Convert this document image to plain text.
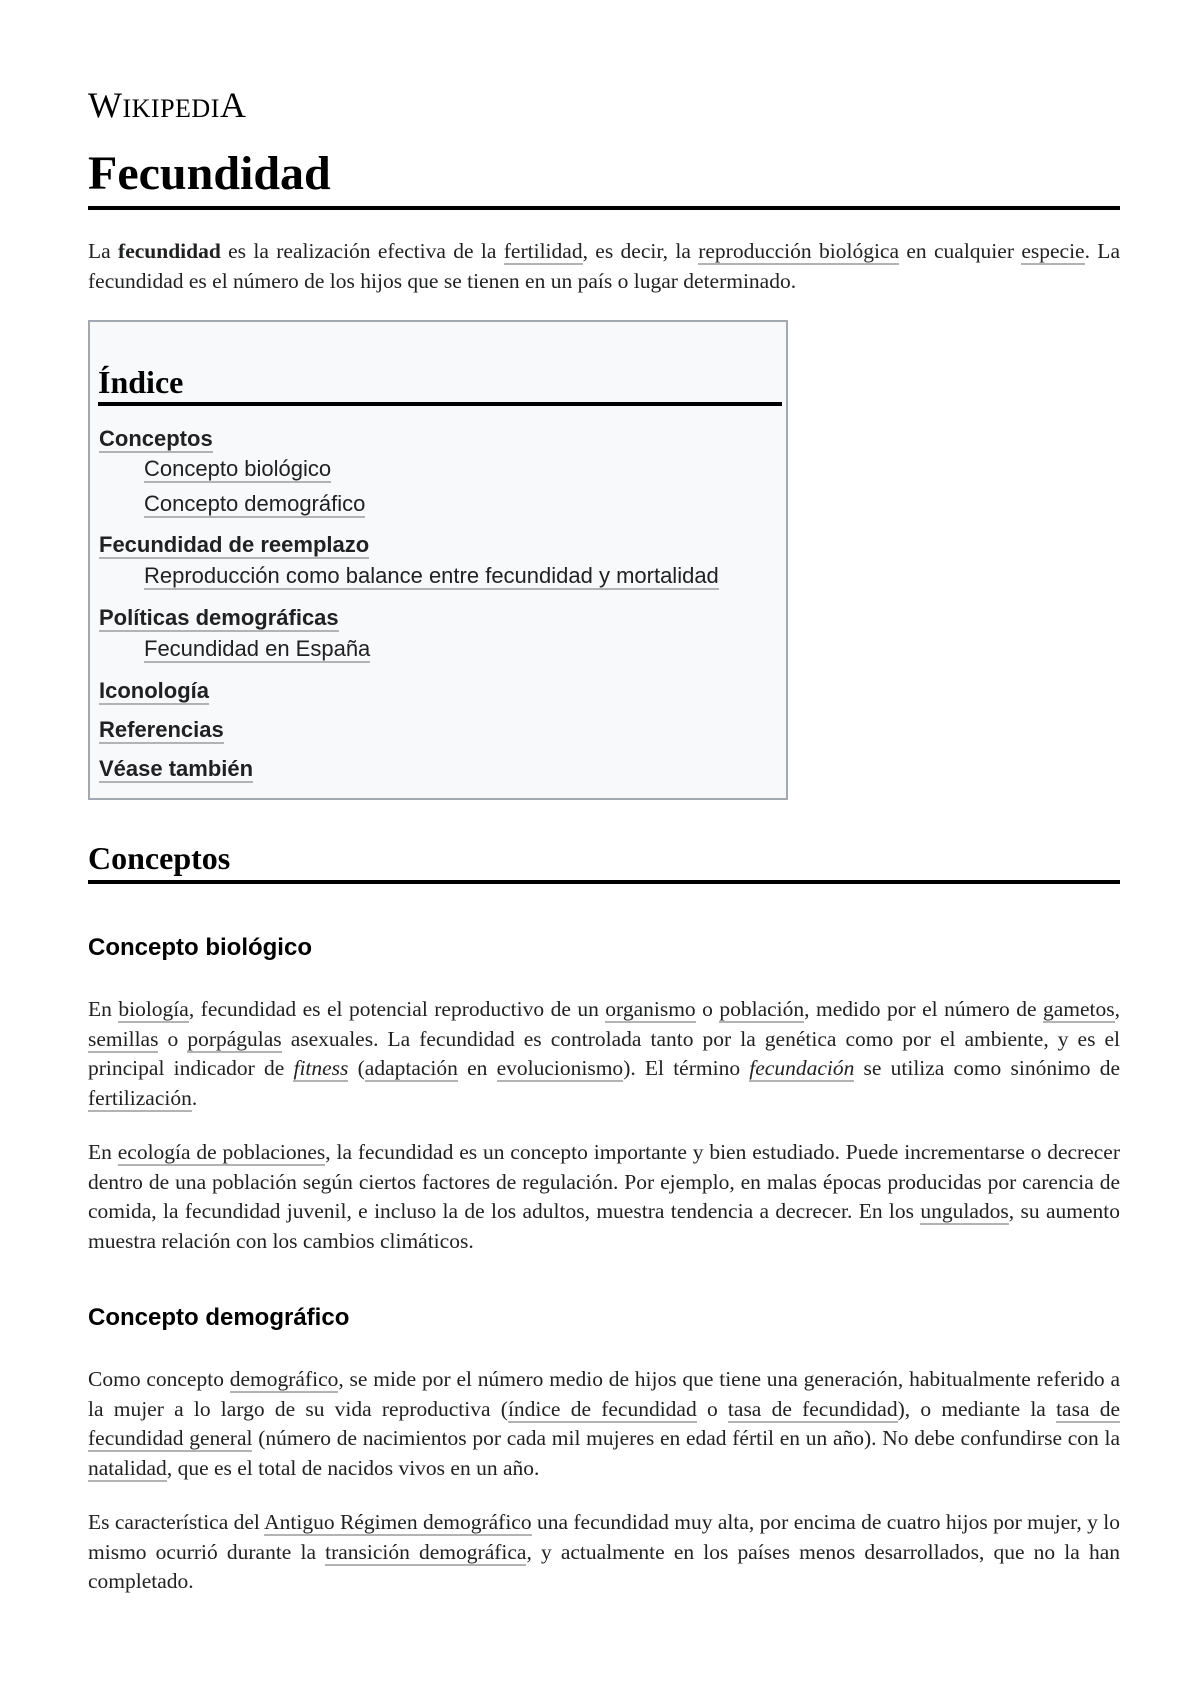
WIKIPEDIA
Fecundidad

La fecundidad es la realización efectiva de la fertilidad, es decir, la reproducción biológica en cualquier especie. La fecundidad es el número de los hijos que se tienen en un país o lugar determinado.

Índice
Conceptos
Concepto biológico
Concepto demográfico
Fecundidad de reemplazo
Reproducción como balance entre fecundidad y mortalidad
Políticas demográficas
Fecundidad en España
Iconología
Referencias
Véase también
Conceptos
Concepto biológico

En biología, fecundidad es el potencial reproductivo de un organismo o población, medido por el número de gametos, semillas o porpágulas asexuales. La fecundidad es controlada tanto por la genética como por el ambiente, y es el principal indicador de fitness (adaptación en evolucionismo). El término fecundación se utiliza como sinónimo de fertilización.

En ecología de poblaciones, la fecundidad es un concepto importante y bien estudiado. Puede incrementarse o decrecer dentro de una población según ciertos factores de regulación. Por ejemplo, en malas épocas producidas por carencia de comida, la fecundidad juvenil, e incluso la de los adultos, muestra tendencia a decrecer. En los ungulados, su aumento muestra relación con los cambios climáticos.

Concepto demográfico

Como concepto demográfico, se mide por el número medio de hijos que tiene una generación, habitualmente referido a la mujer a lo largo de su vida reproductiva (índice de fecundidad o tasa de fecundidad), o mediante la tasa de fecundidad general (número de nacimientos por cada mil mujeres en edad fértil en un año). No debe confundirse con la natalidad, que es el total de nacidos vivos en un año.

Es característica del Antiguo Régimen demográfico una fecundidad muy alta, por encima de cuatro hijos por mujer, y lo mismo ocurrió durante la transición demográfica, y actualmente en los países menos desarrollados, que no la han completado.
